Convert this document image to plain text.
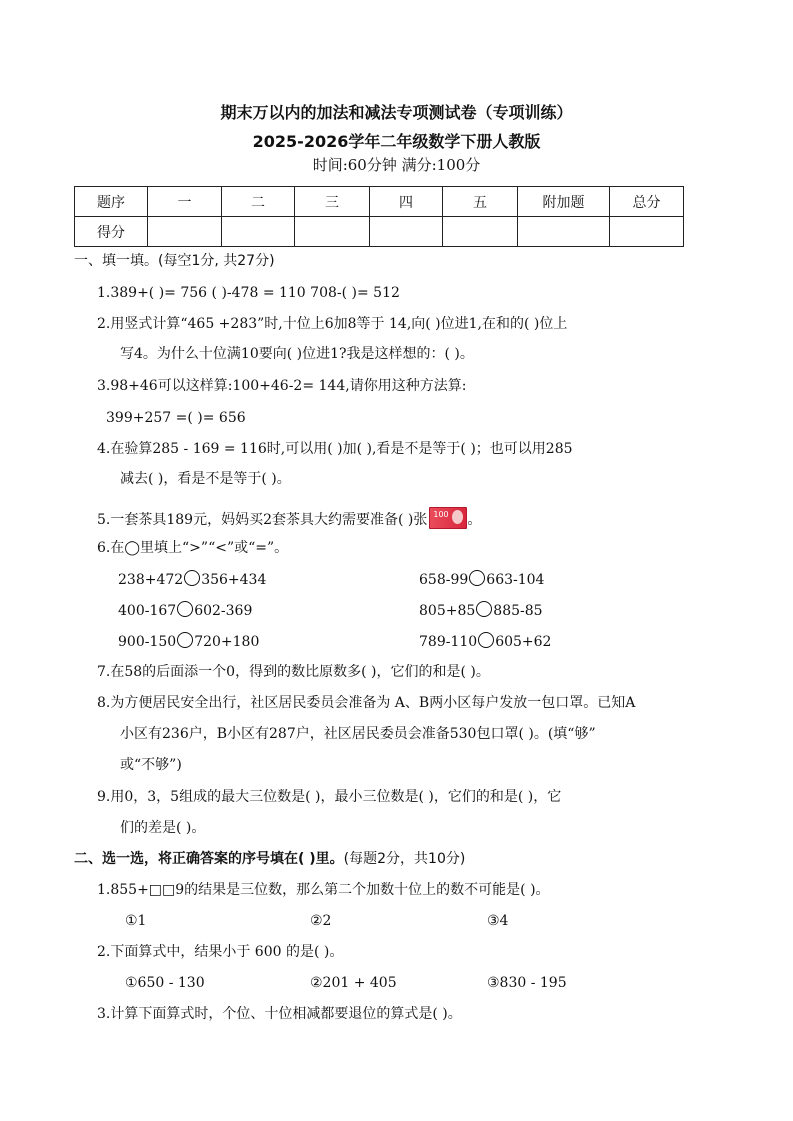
期末万以内的加法和减法专项测试卷（专项训练）
2025-2026学年二年级数学下册人教版
时间:60分钟 满分:100分
题序	一	二	三	四	五	附加题	总分
得分							
一、填一填。(每空1分, 共27分)
1.389+( )= 756 ( )-478 = 110 708-( )= 512
2.用竖式计算“465 +283”时,十位上6加8等于 14,向( )位进1,在和的( )位上
写4。为什么十位满10要向( )位进1?我是这样想的：( )。
3.98+46可以这样算:100+46-2= 144,请你用这种方法算:
399+257 =( )= 656
4.在验算285 - 169 = 116时,可以用( )加( ),看是不是等于( )；也可以用285
减去( )，看是不是等于( )。
5.一套茶具189元，妈妈买2套茶具大约需要准备( )张 100 。
6.在◯里填上“>”“<”或“=”。
238+472 356+434	658-99 663-104
400-167 602-369	805+85 885-85
900-150 720+180	789-110 605+62
7.在58的后面添一个0，得到的数比原数多( )，它们的和是( )。
8.为方便居民安全出行，社区居民委员会准备为 A、B两小区每户发放一包口罩。已知A
小区有236户，B小区有287户，社区居民委员会准备530包口罩( )。(填“够”
或“不够”)
9.用0，3，5组成的最大三位数是( )，最小三位数是( )，它们的和是( )，它
们的差是( )。
二、选一选，将正确答案的序号填在( )里。(每题2分，共10分)
1.855+□□9的结果是三位数，那么第二个加数十位上的数不可能是( )。
①1	②2	③4
2.下面算式中，结果小于 600 的是( )。
①650 - 130	②201 + 405	③830 - 195
3.计算下面算式时，个位、十位相减都要退位的算式是( )。
